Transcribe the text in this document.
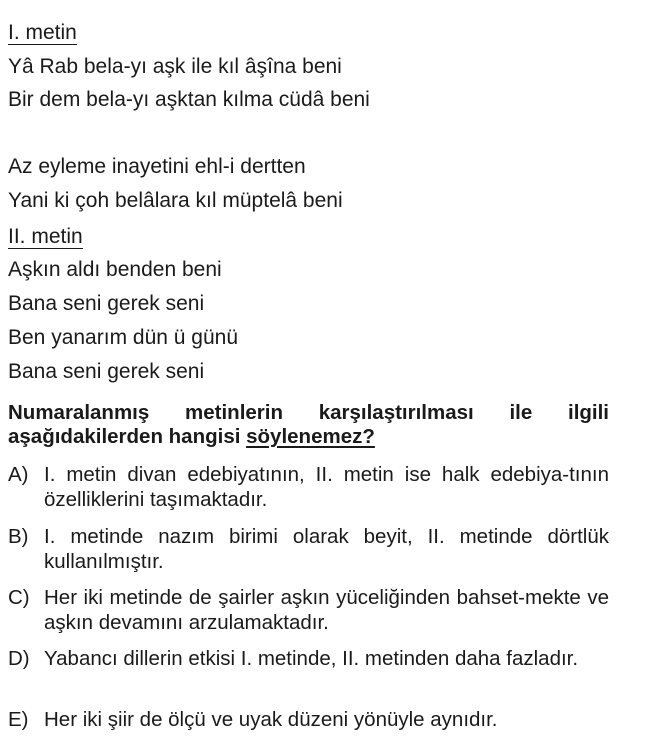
I. metin
Yâ Rab bela-yı aşk ile kıl âşîna beni
Bir dem bela-yı aşktan kılma cüdâ beni
Az eyleme inayetini ehl-i dertten
Yani ki çoh belâlara kıl müptelâ beni
II. metin
Aşkın aldı benden beni
Bana seni gerek seni
Ben yanarım dün ü günü
Bana seni gerek seni
Numaralanmış metinlerin karşılaştırılması ile ilgili aşağıdakilerden hangisi söylenemez?
A) I. metin divan edebiyatının, II. metin ise halk edebiya-tının özelliklerini taşımaktadır.
B) I. metinde nazım birimi olarak beyit, II. metinde dörtlük kullanılmıştır.
C) Her iki metinde de şairler aşkın yüceliğinden bahset-mekte ve aşkın devamını arzulamaktadır.
D) Yabancı dillerin etkisi I. metinde, II. metinden daha fazladır.
E) Her iki şiir de ölçü ve uyak düzeni yönüyle aynıdır.
